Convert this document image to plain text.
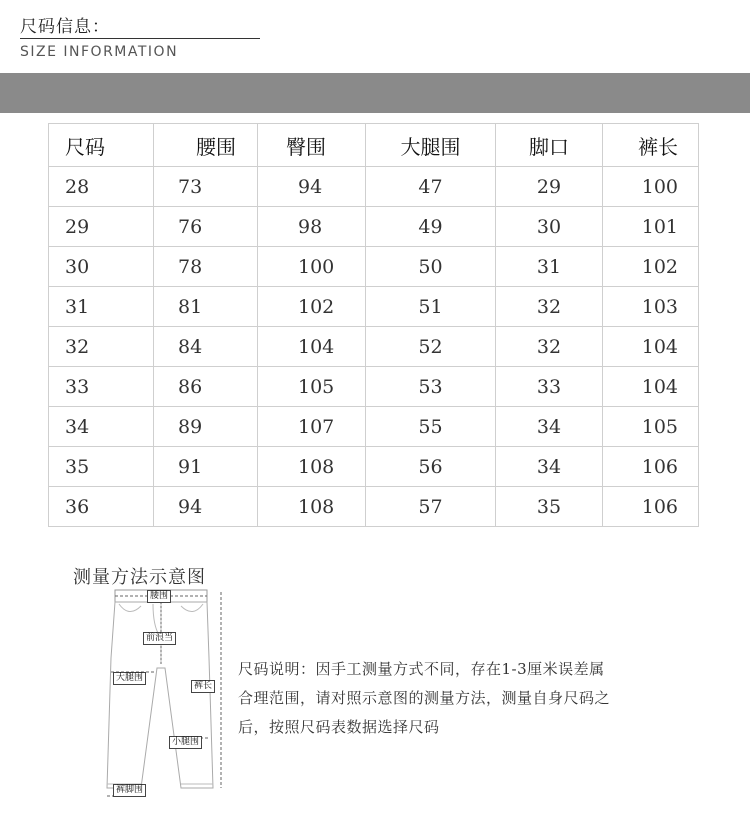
尺码信息：
SIZE INFORMATION
尺码	腰围	臀围	大腿围	脚口	裤长
28	73	94	47	29	100
29	76	98	49	30	101
30	78	100	50	31	102
31	81	102	51	32	103
32	84	104	52	32	104
33	86	105	53	33	104
34	89	107	55	34	105
35	91	108	56	34	106
36	94	108	57	35	106
测量方法示意图
腰围
前浪当
大腿围
裤长
小腿围
裤脚围
尺码说明：因手工测量方式不同，存在1-3厘米误差属
合理范围，请对照示意图的测量方法，测量自身尺码之
后，按照尺码表数据选择尺码
